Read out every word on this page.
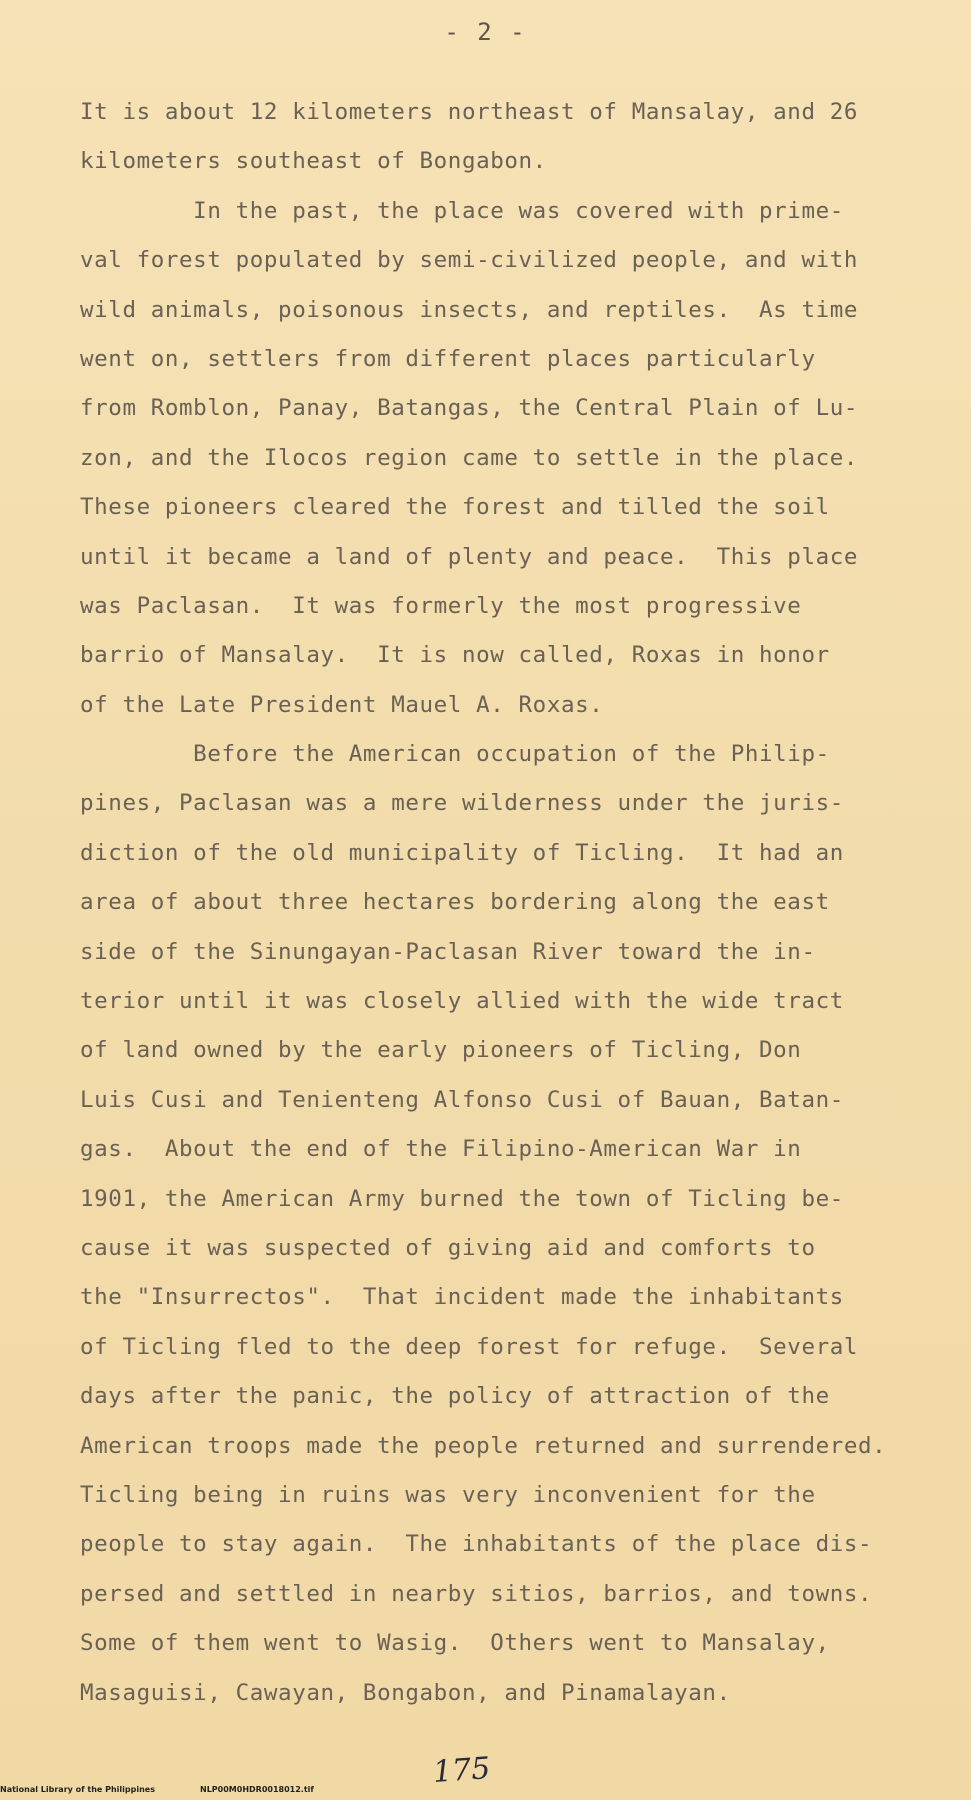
- 2 -
It is about 12 kilometers northeast of Mansalay, and 26
kilometers southeast of Bongabon.
In the past, the place was covered with prime-
val forest populated by semi-civilized people, and with
wild animals, poisonous insects, and reptiles.  As time
went on, settlers from different places particularly
from Romblon, Panay, Batangas, the Central Plain of Lu-
zon, and the Ilocos region came to settle in the place.
These pioneers cleared the forest and tilled the soil
until it became a land of plenty and peace.  This place
was Paclasan.  It was formerly the most progressive
barrio of Mansalay.  It is now called, Roxas in honor
of the Late President Mauel A. Roxas.
Before the American occupation of the Philip-
pines, Paclasan was a mere wilderness under the juris-
diction of the old municipality of Ticling.  It had an
area of about three hectares bordering along the east
side of the Sinungayan-Paclasan River toward the in-
terior until it was closely allied with the wide tract
of land owned by the early pioneers of Ticling, Don
Luis Cusi and Tenienteng Alfonso Cusi of Bauan, Batan-
gas.  About the end of the Filipino-American War in
1901, the American Army burned the town of Ticling be-
cause it was suspected of giving aid and comforts to
the "Insurrectos".  That incident made the inhabitants
of Ticling fled to the deep forest for refuge.  Several
days after the panic, the policy of attraction of the
American troops made the people returned and surrendered.
Ticling being in ruins was very inconvenient for the
people to stay again.  The inhabitants of the place dis-
persed and settled in nearby sitios, barrios, and towns.
Some of them went to Wasig.  Others went to Mansalay,
Masaguisi, Cawayan, Bongabon, and Pinamalayan.
175
National Library of the Philippines	NLP00M0HDR0018012.tif
